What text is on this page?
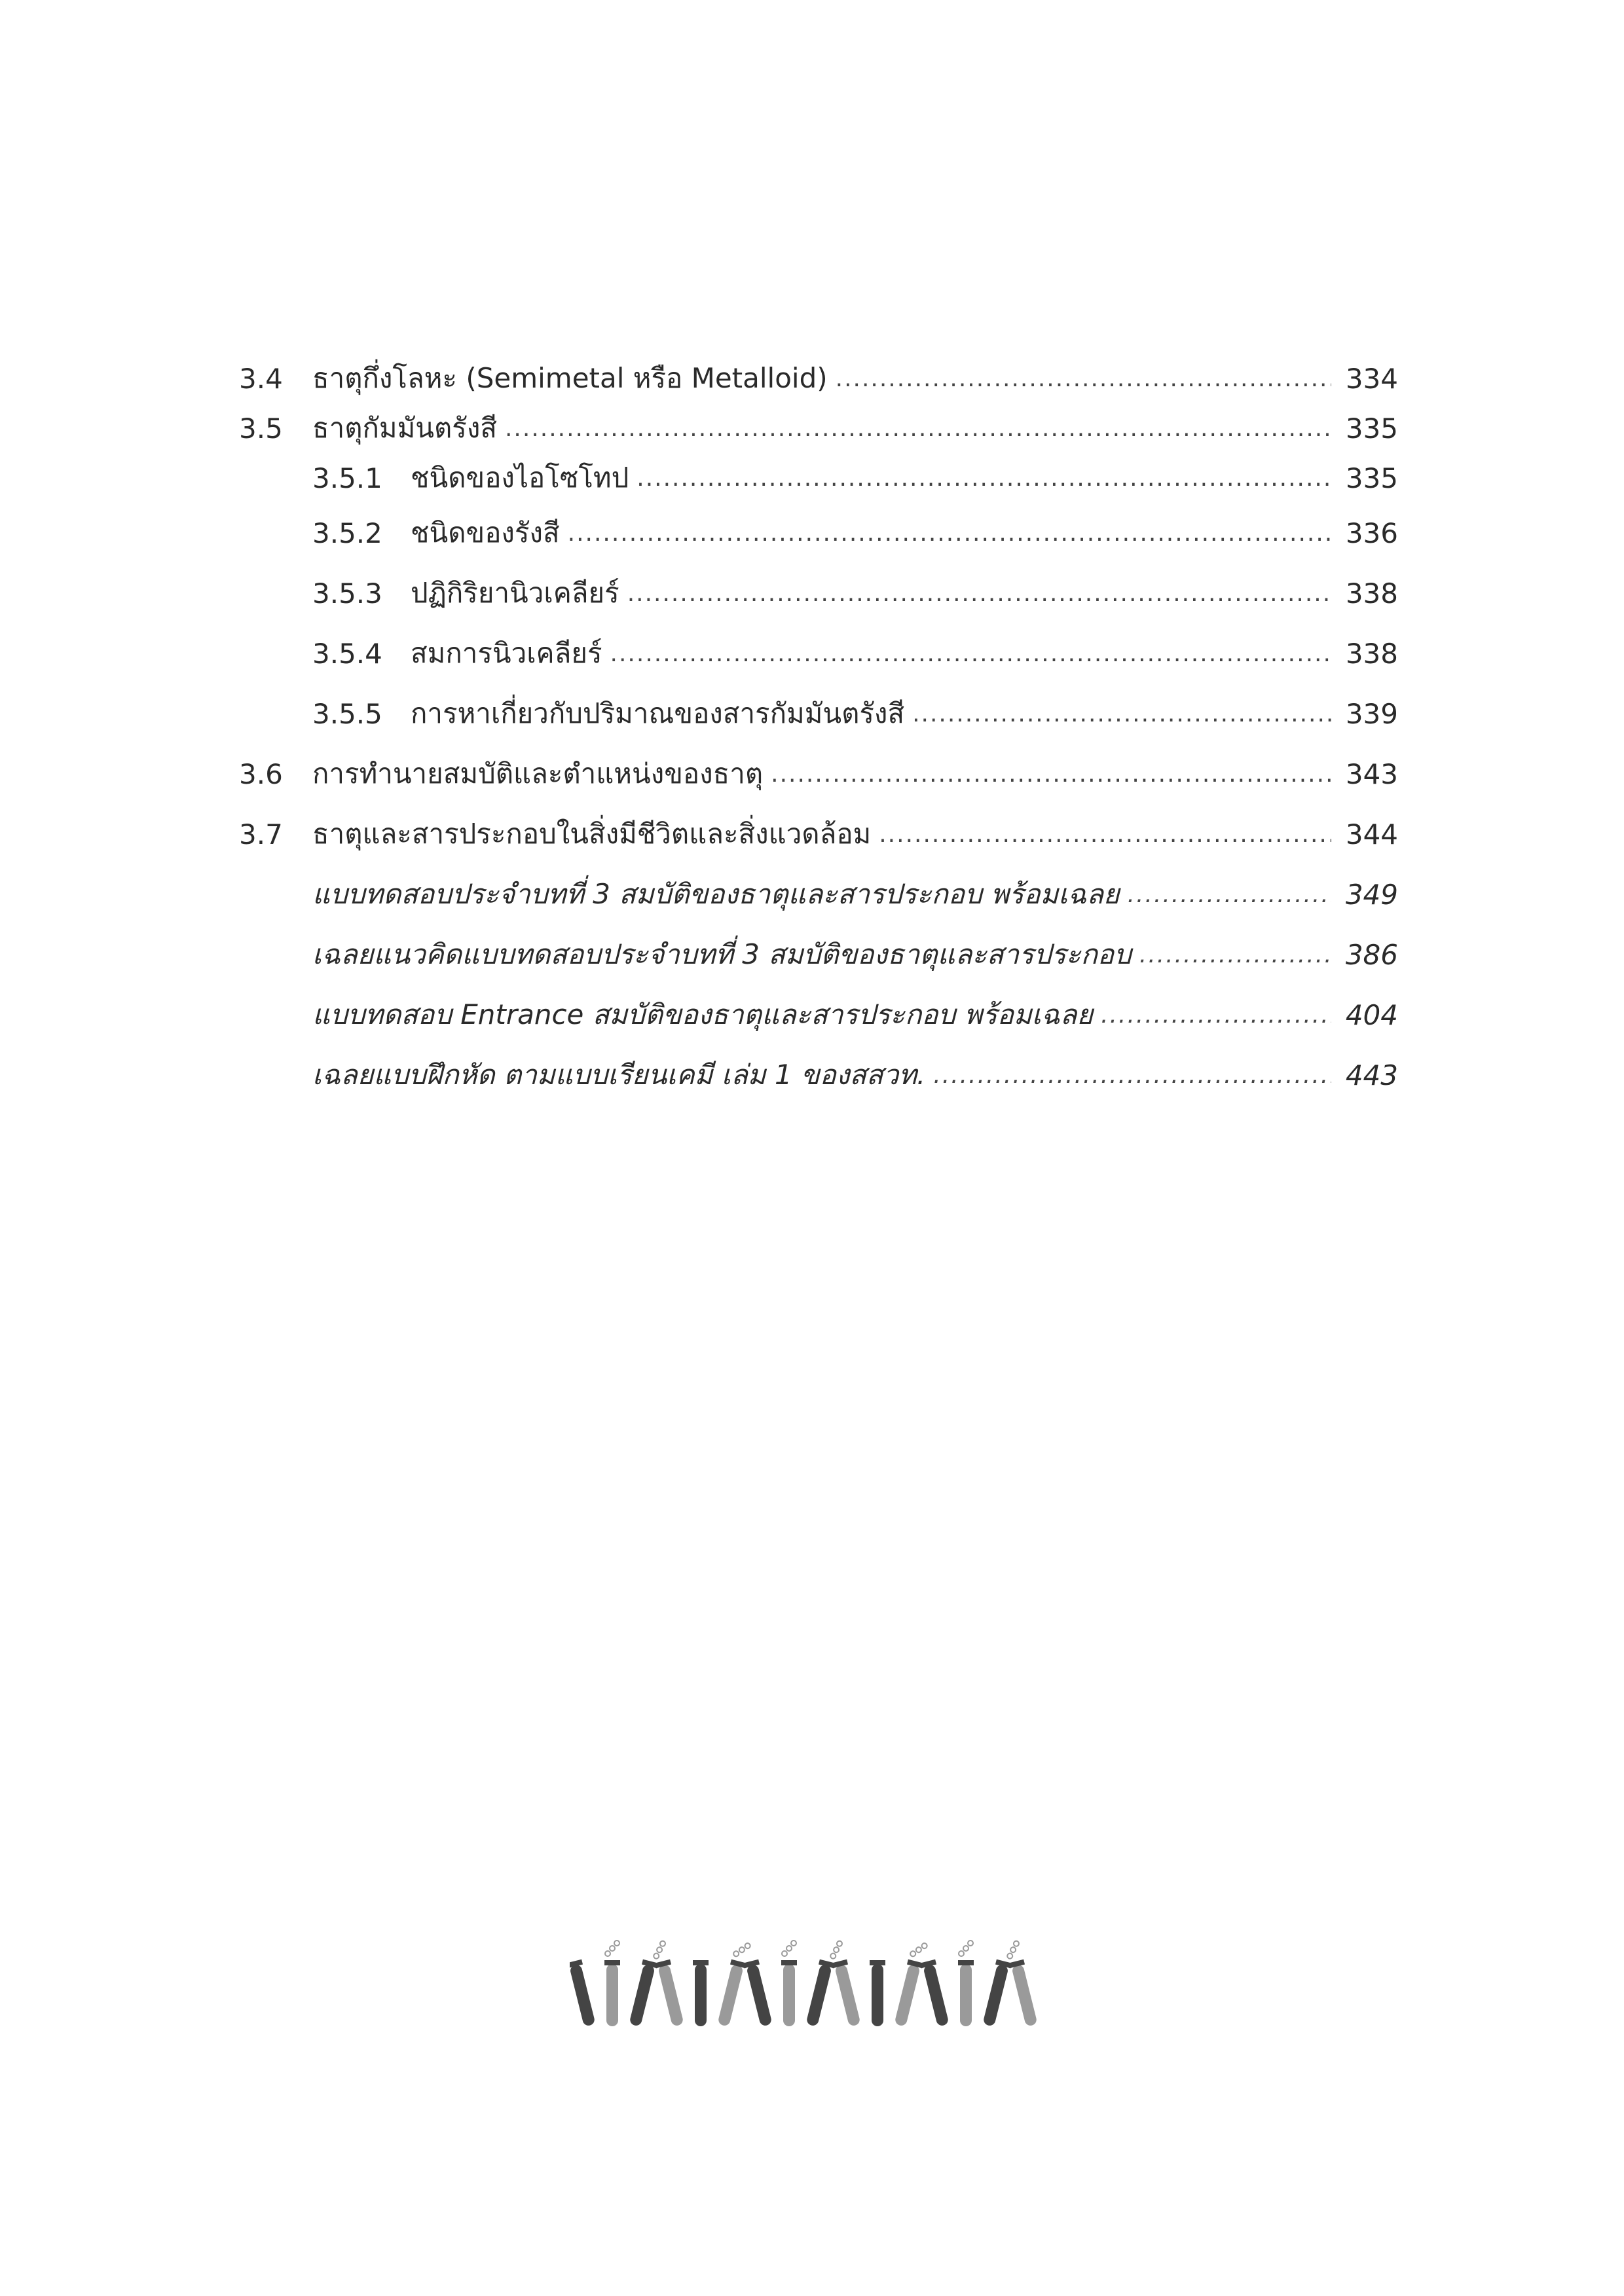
3.4	ธาตุกึ่งโลหะ (Semimetal หรือ Metalloid) .....	334
3.5	ธาตุกัมมันตรังสี .....	335
3.5.1	ชนิดของไอโซโทป .....	335
3.5.2	ชนิดของรังสี .....	336
3.5.3	ปฏิกิริยานิวเคลียร์ .....	338
3.5.4	สมการนิวเคลียร์ .....	338
3.5.5	การหาเกี่ยวกับปริมาณของสารกัมมันตรังสี .....	339
3.6	การทำนายสมบัติและตำแหน่งของธาตุ .....	343
3.7	ธาตุและสารประกอบในสิ่งมีชีวิตและสิ่งแวดล้อม .....	344
แบบทดสอบประจำบทที่ 3 สมบัติของธาตุและสารประกอบ พร้อมเฉลย .....	349
เฉลยแนวคิดแบบทดสอบประจำบทที่ 3 สมบัติของธาตุและสารประกอบ .....	386
แบบทดสอบ Entrance สมบัติของธาตุและสารประกอบ พร้อมเฉลย .....	404
เฉลยแบบฝึกหัด ตามแบบเรียนเคมี เล่ม 1 ของสสวท. .....	443
